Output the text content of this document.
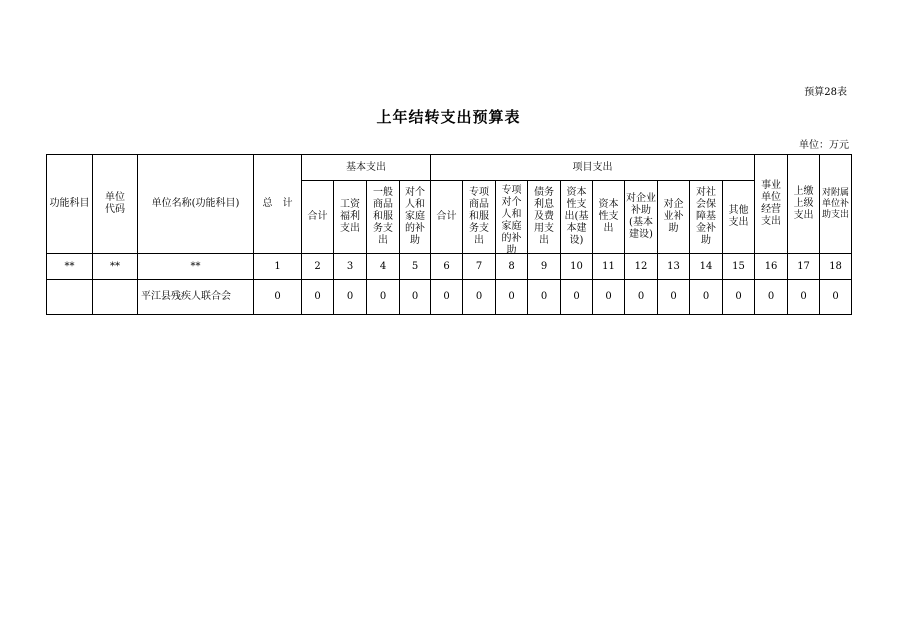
预算28表
上年结转支出预算表
单位：万元
功能科目	单位代码	单位名称(功能科目)	总　计	基本支出				项目支出										事业单位经营支出	上缴上级支出	对附属单位补助支出
				合计	工资福利支出	一般商品和服务支出	对个人和家庭的补助	合计	专项商品和服务支出	专项对个人和家庭的补助	债务利息及费用支出	资本性支出(基本建设)	资本性支出	对企业补助(基本建设)	对企业补助	对社会保障基金补助	其他支出			

**	**	**	1	2	3	4	5	6	7	8	9	10	11	12	13	14	15	16	17	18
		平江县残疾人联合会	0	0	0	0	0	0	0	0	0	0	0	0	0	0	0	0	0	0
